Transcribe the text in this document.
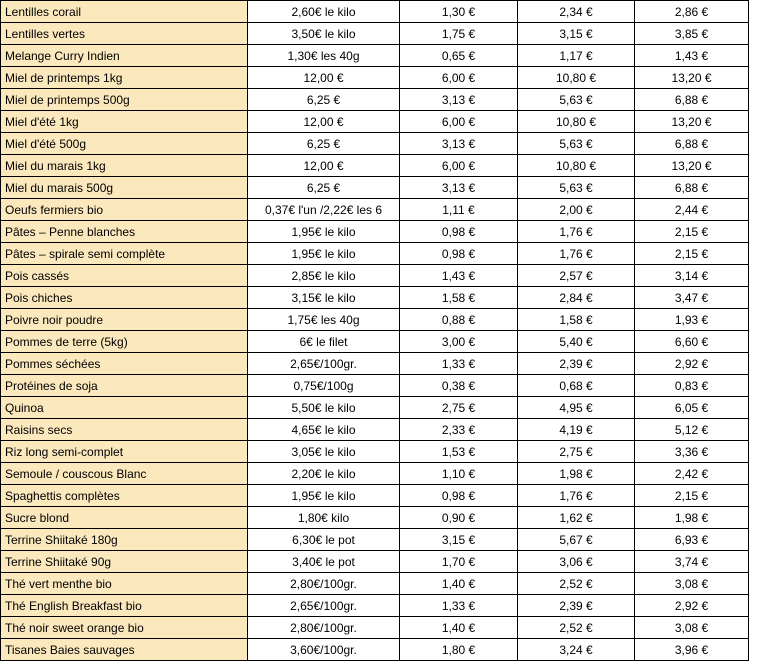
Lentilles corail	2,60€ le kilo	1,30 €	2,34 €	2,86 €
Lentilles vertes	3,50€ le kilo	1,75 €	3,15 €	3,85 €
Melange Curry Indien	1,30€ les 40g	0,65 €	1,17 €	1,43 €
Miel de printemps 1kg	12,00 €	6,00 €	10,80 €	13,20 €
Miel de printemps 500g	6,25 €	3,13 €	5,63 €	6,88 €
Miel d'été 1kg	12,00 €	6,00 €	10,80 €	13,20 €
Miel d'été 500g	6,25 €	3,13 €	5,63 €	6,88 €
Miel du marais 1kg	12,00 €	6,00 €	10,80 €	13,20 €
Miel du marais 500g	6,25 €	3,13 €	5,63 €	6,88 €
Oeufs fermiers bio	0,37€ l'un /2,22€ les 6	1,11 €	2,00 €	2,44 €
Pâtes – Penne blanches	1,95€ le kilo	0,98 €	1,76 €	2,15 €
Pâtes – spirale semi complète	1,95€ le kilo	0,98 €	1,76 €	2,15 €
Pois cassés	2,85€ le kilo	1,43 €	2,57 €	3,14 €
Pois chiches	3,15€ le kilo	1,58 €	2,84 €	3,47 €
Poivre noir poudre	1,75€ les 40g	0,88 €	1,58 €	1,93 €
Pommes de terre (5kg)	6€ le filet	3,00 €	5,40 €	6,60 €
Pommes séchées	2,65€/100gr.	1,33 €	2,39 €	2,92 €
Protéines de soja	0,75€/100g	0,38 €	0,68 €	0,83 €
Quinoa	5,50€ le kilo	2,75 €	4,95 €	6,05 €
Raisins secs	4,65€ le kilo	2,33 €	4,19 €	5,12 €
Riz long semi-complet	3,05€ le kilo	1,53 €	2,75 €	3,36 €
Semoule / couscous Blanc	2,20€ le kilo	1,10 €	1,98 €	2,42 €
Spaghettis complètes	1,95€ le kilo	0,98 €	1,76 €	2,15 €
Sucre blond	1,80€ kilo	0,90 €	1,62 €	1,98 €
Terrine Shiitaké 180g	6,30€ le pot	3,15 €	5,67 €	6,93 €
Terrine Shiitaké 90g	3,40€ le pot	1,70 €	3,06 €	3,74 €
Thé vert menthe bio	2,80€/100gr.	1,40 €	2,52 €	3,08 €
Thé English Breakfast bio	2,65€/100gr.	1,33 €	2,39 €	2,92 €
Thé noir sweet orange bio	2,80€/100gr.	1,40 €	2,52 €	3,08 €
Tisanes Baies sauvages	3,60€/100gr.	1,80 €	3,24 €	3,96 €
